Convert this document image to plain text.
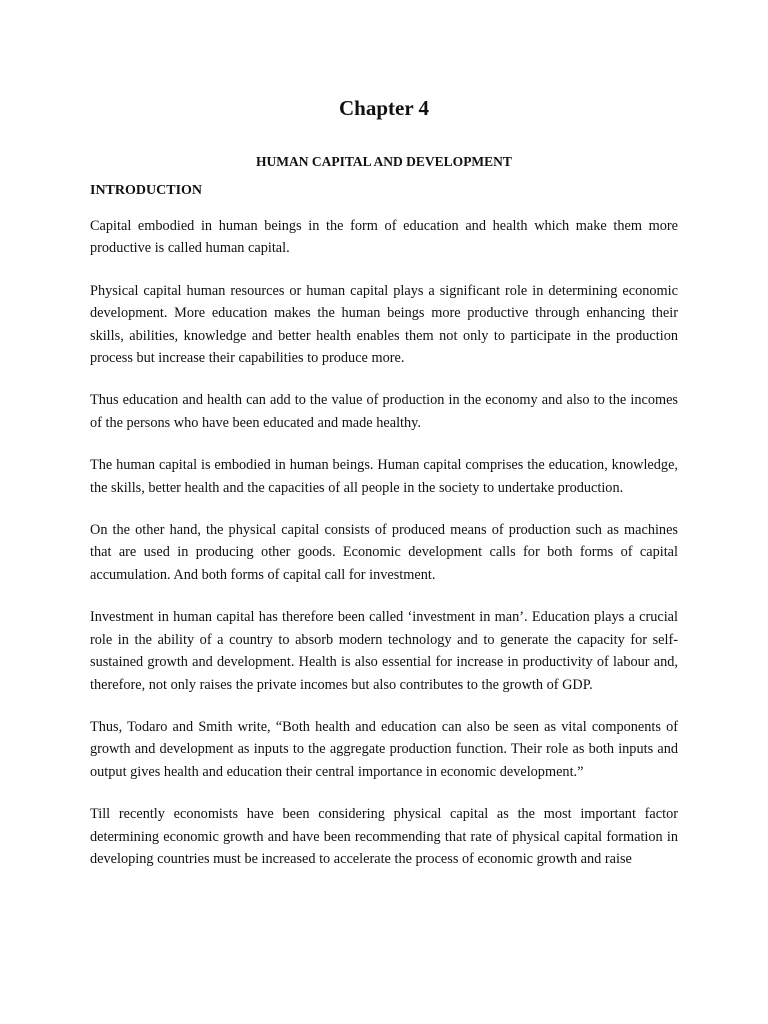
Chapter 4
HUMAN CAPITAL AND DEVELOPMENT
INTRODUCTION

Capital embodied in human beings in the form of education and health which make them more productive is called human capital.

Physical capital human resources or human capital plays a significant role in determining economic development. More education makes the human beings more productive through enhancing their skills, abilities, knowledge and better health enables them not only to participate in the production process but increase their capabilities to produce more.

Thus education and health can add to the value of production in the economy and also to the incomes of the persons who have been educated and made healthy.

The human capital is embodied in human beings. Human capital comprises the education, knowledge, the skills, better health and the capacities of all people in the society to undertake production.

On the other hand, the physical capital consists of produced means of production such as machines that are used in producing other goods. Economic development calls for both forms of capital accumulation. And both forms of capital call for investment.

Investment in human capital has therefore been called ‘investment in man’. Education plays a crucial role in the ability of a country to absorb modern technology and to generate the capacity for self-sustained growth and development. Health is also essential for increase in productivity of labour and, therefore, not only raises the private incomes but also contributes to the growth of GDP.

Thus, Todaro and Smith write, “Both health and education can also be seen as vital components of growth and development as inputs to the aggregate production function. Their role as both inputs and output gives health and education their central importance in economic development.”

Till recently economists have been considering physical capital as the most important factor determining economic growth and have been recommending that rate of physical capital formation in developing countries must be increased to accelerate the process of economic growth and raise
